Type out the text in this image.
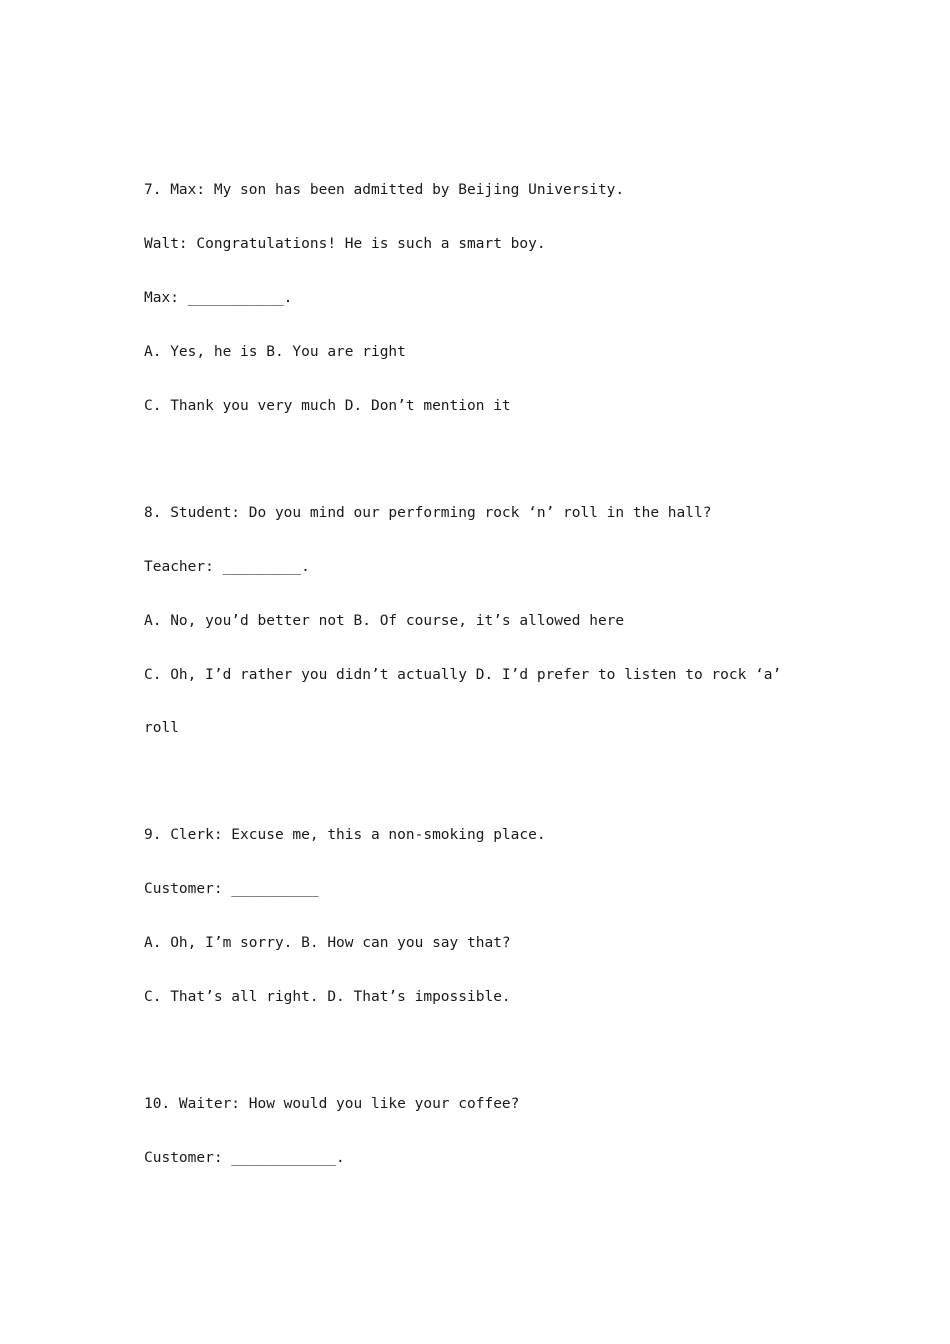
7. Max: My son has been admitted by Beijing University.
Walt: Congratulations! He is such a smart boy.
Max: ___________.
A. Yes, he is B. You are right
C. Thank you very much D. Don’t mention it
8. Student: Do you mind our performing rock ‘n’ roll in the hall?
Teacher: _________.
A. No, you’d better not B. Of course, it’s allowed here
C. Oh, I’d rather you didn’t actually D. I’d prefer to listen to rock ‘a’
roll
9. Clerk: Excuse me, this a non-smoking place.
Customer: __________
A. Oh, I’m sorry. B. How can you say that?
C. That’s all right. D. That’s impossible.
10. Waiter: How would you like your coffee?
Customer: ____________.
